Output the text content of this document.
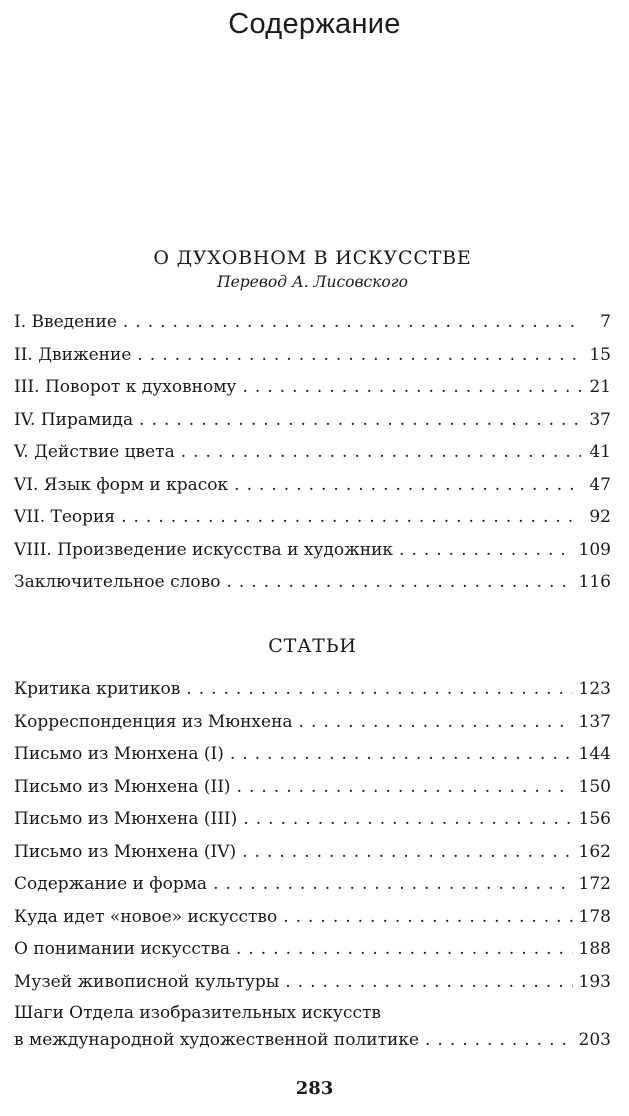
Содержание
О ДУХОВНОМ В ИСКУССТВЕ
Перевод А. Лисовского
I. Введение . . .	7
II. Движение . . .	15
III. Поворот к духовному . . .	21
IV. Пирамида . . .	37
V. Действие цвета . . .	41
VI. Язык форм и красок . . .	47
VII. Теория . . .	92
VIII. Произведение искусства и художник . . .	109
Заключительное слово . . .	116
СТАТЬИ
Критика критиков . . .	123
Корреспонденция из Мюнхена . . .	137
Письмо из Мюнхена (I) . . .	144
Письмо из Мюнхена (II) . . .	150
Письмо из Мюнхена (III) . . .	156
Письмо из Мюнхена (IV) . . .	162
Содержание и форма . . .	172
Куда идет «новое» искусство . . .	178
О понимании искусства . . .	188
Музей живописной культуры . . .	193
Шаги Отдела изобразительных искусств
в международной художественной политике . . .	203
283
